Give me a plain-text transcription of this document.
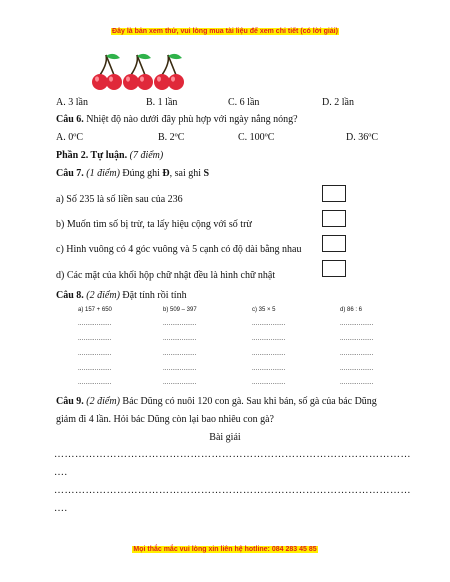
Đây là bản xem thử, vui lòng mua tài liệu để xem chi tiết (có lời giải)
A. 3 lần	B. 1 lần	C. 6 lần	D. 2 lần
Câu 6. Nhiệt độ nào dưới đây phù hợp với ngày nắng nóng?
A. 0ºC	B. 2ºC	C. 100ºC	D. 36ºC
Phần 2. Tự luận. (7 điểm)
Câu 7. (1 điểm) Đúng ghi Đ, sai ghi S
a) Số 235 là số liền sau của 236
b) Muốn tìm số bị trừ, ta lấy hiệu cộng với số trừ
c) Hình vuông có 4 góc vuông và 5 cạnh có độ dài bằng nhau
d) Các mặt của khối hộp chữ nhật đều là hình chữ nhật
Câu 8. (2 điểm) Đặt tính rồi tính
a) 157 + 650	b) 509 – 397	c) 35 × 5	d) 86 : 6
..................	..................	..................	..................
..................	..................	..................	..................
..................	..................	..................	..................
..................	..................	..................	..................
..................	..................	..................	..................
Câu 9. (2 điểm) Bác Dũng có nuôi 120 con gà. Sau khi bán, số gà của bác Dũng
giảm đi 4 lần. Hỏi bác Dũng còn lại bao nhiêu con gà?
Bài giải
…………………………………………………………………………………………
….
…………………………………………………………………………………………
….
Mọi thắc mắc vui lòng xin liên hệ hotline: 084 283 45 85
